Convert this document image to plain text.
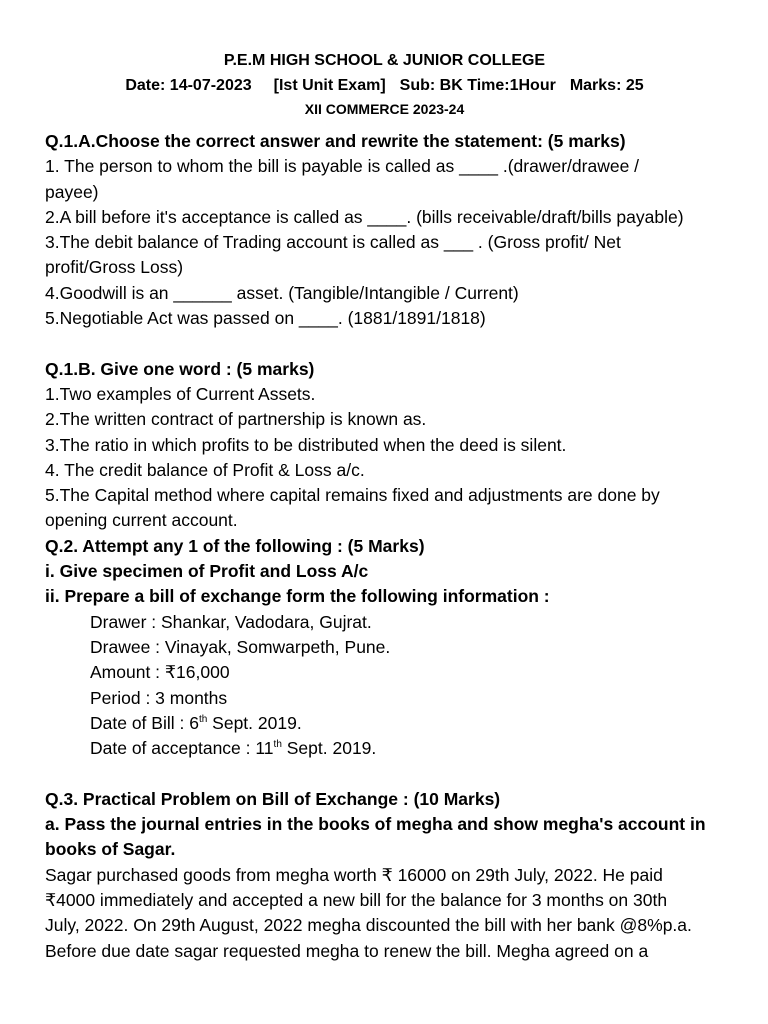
P.E.M HIGH SCHOOL & JUNIOR COLLEGE
Date: 14-07-2023 [Ist Unit Exam] Sub: BK Time:1Hour Marks: 25
XII COMMERCE 2023-24
Q.1.A.Choose the correct answer and rewrite the statement: (5 marks)
1. The person to whom the bill is payable is called as ____ .(drawer/drawee /
payee)
2.A bill before it's acceptance is called as ____. (bills receivable/draft/bills payable)
3.The debit balance of Trading account is called as ___ . (Gross profit/ Net
profit/Gross Loss)
4.Goodwill is an ______ asset. (Tangible/Intangible / Current)
5.Negotiable Act was passed on ____. (1881/1891/1818)
Q.1.B. Give one word : (5 marks)
1.Two examples of Current Assets.
2.The written contract of partnership is known as.
3.The ratio in which profits to be distributed when the deed is silent.
4. The credit balance of Profit & Loss a/c.
5.The Capital method where capital remains fixed and adjustments are done by
opening current account.
Q.2. Attempt any 1 of the following : (5 Marks)
i. Give specimen of Profit and Loss A/c
ii. Prepare a bill of exchange form the following information :
Drawer : Shankar, Vadodara, Gujrat.
Drawee : Vinayak, Somwarpeth, Pune.
Amount : ₹16,000
Period : 3 months
Date of Bill : 6th Sept. 2019.
Date of acceptance : 11th Sept. 2019.
Q.3. Practical Problem on Bill of Exchange : (10 Marks)
a. Pass the journal entries in the books of megha and show megha's account in
books of Sagar.
Sagar purchased goods from megha worth ₹ 16000 on 29th July, 2022. He paid
₹4000 immediately and accepted a new bill for the balance for 3 months on 30th
July, 2022. On 29th August, 2022 megha discounted the bill with her bank @8%p.a.
Before due date sagar requested megha to renew the bill. Megha agreed on a
